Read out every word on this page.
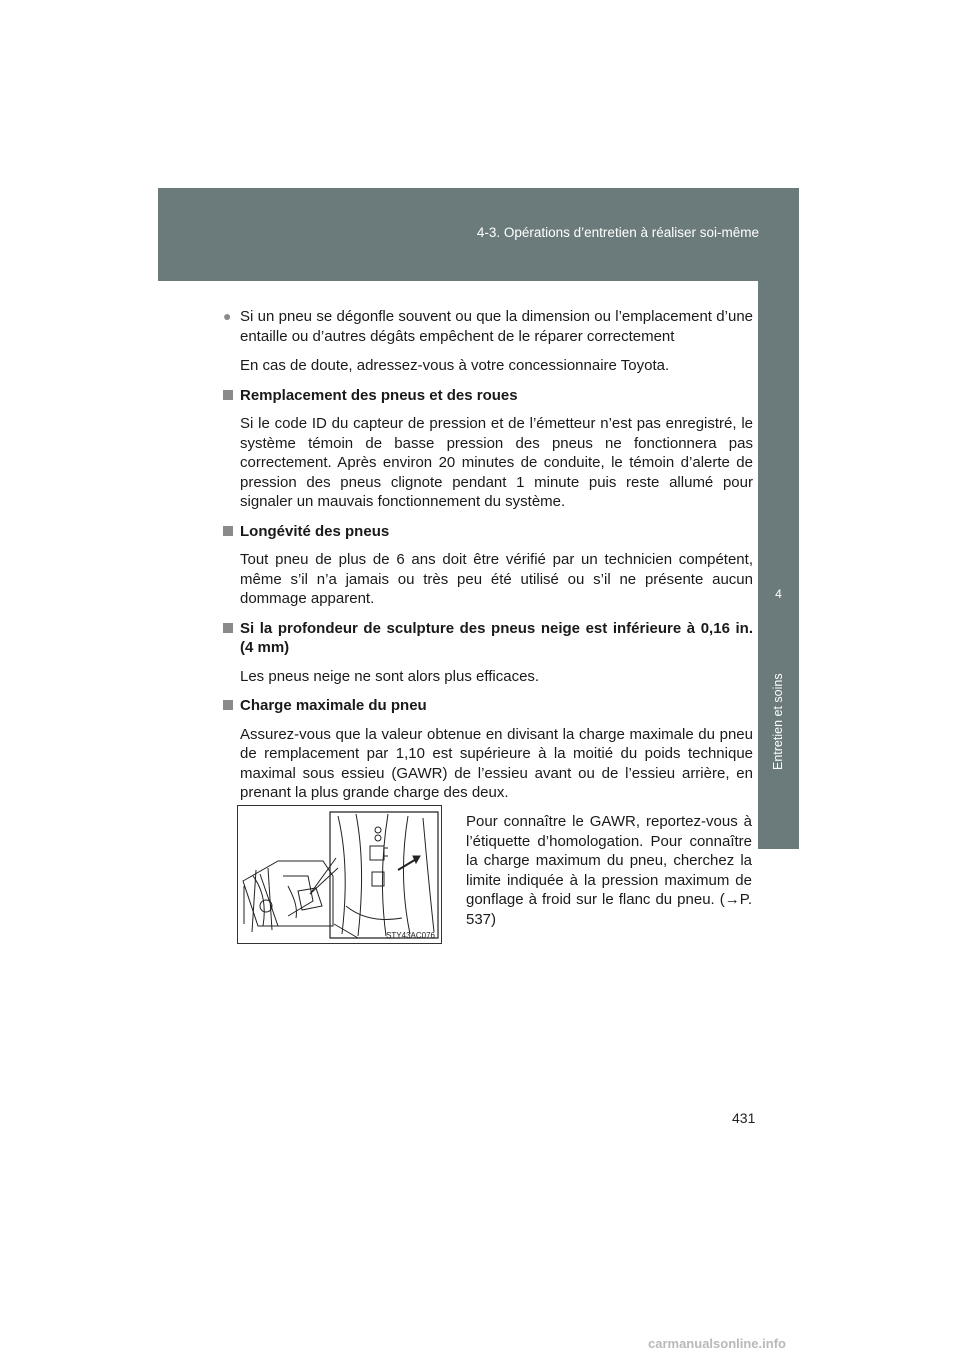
4-3. Opérations d’entretien à réaliser soi-même
4
Entretien et soins
● Si un pneu se dégonfle souvent ou que la dimension ou l’emplacement d’une entaille ou d’autres dégâts empêchent de le réparer correctement

En cas de doute, adressez-vous à votre concessionnaire Toyota.

Remplacement des pneus et des roues

Si le code ID du capteur de pression et de l’émetteur n’est pas enregistré, le système témoin de basse pression des pneus ne fonctionnera pas correctement. Après environ 20 minutes de conduite, le témoin d’alerte de pression des pneus clignote pendant 1 minute puis reste allumé pour signaler un mauvais fonctionnement du système.

Longévité des pneus

Tout pneu de plus de 6 ans doit être vérifié par un technicien compétent, même s’il n’a jamais ou très peu été utilisé ou s’il ne présente aucun dommage apparent.

Si la profondeur de sculpture des pneus neige est inférieure à 0,16 in. (4 mm)

Les pneus neige ne sont alors plus efficaces.

Charge maximale du pneu

Assurez-vous que la valeur obtenue en divisant la charge maximale du pneu de remplacement par 1,10 est supérieure à la moitié du poids technique maximal sous essieu (GAWR) de l’essieu avant ou de l’essieu arrière, en prenant la plus grande charge des deux.

STY43AC076

Pour connaître le GAWR, reportez-vous à l’étiquette d’homologation. Pour connaître la charge maximum du pneu, cherchez la limite indiquée à la pression maximum de gonflage à froid sur le flanc du pneu. (→P. 537)

431
carmanualsonline.info
